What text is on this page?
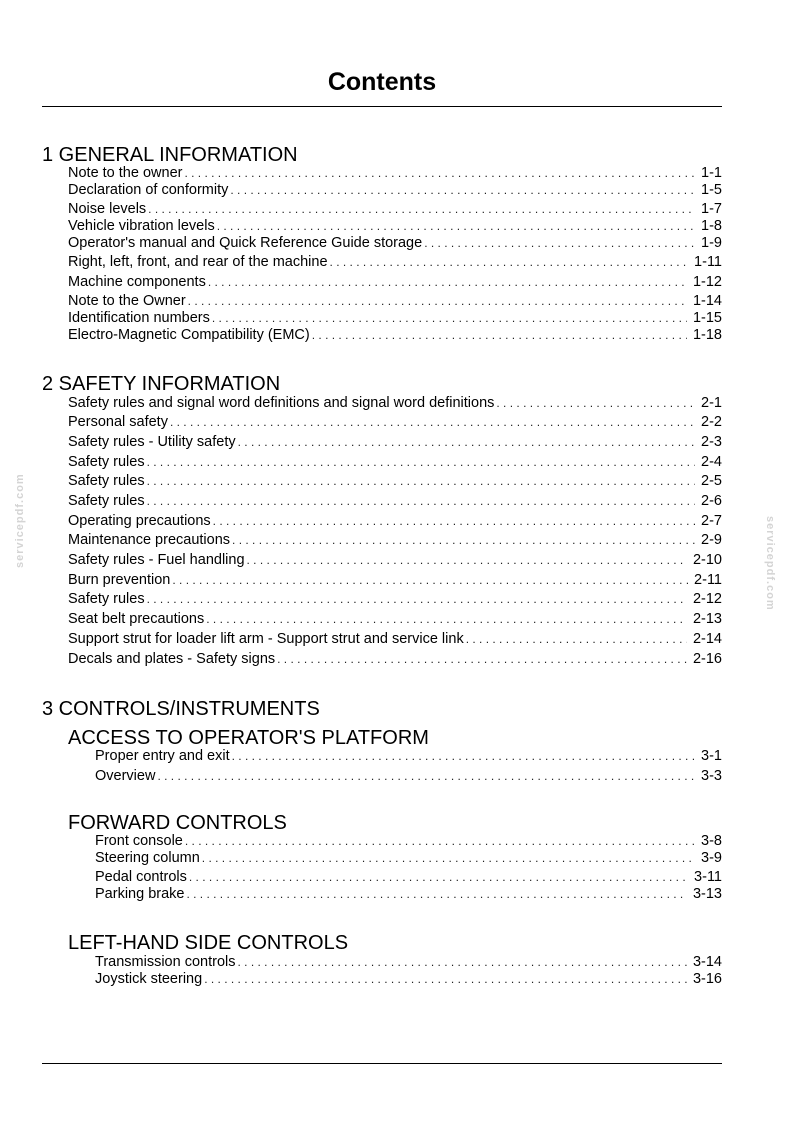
Contents
1 GENERAL INFORMATION
Note to the owner . . .	1-1
Declaration of conformity . . .	1-5
Noise levels . . .	1-7
Vehicle vibration levels . . .	1-8
Operator's manual and Quick Reference Guide storage . . .	1-9
Right, left, front, and rear of the machine . . .	1-11
Machine components . . .	1-12
Note to the Owner . . .	1-14
Identification numbers . . .	1-15
Electro-Magnetic Compatibility (EMC) . . .	1-18
2 SAFETY INFORMATION
Safety rules and signal word definitions and signal word definitions . . .	2-1
Personal safety . . .	2-2
Safety rules - Utility safety . . .	2-3
Safety rules . . .	2-4
Safety rules . . .	2-5
Safety rules . . .	2-6
Operating precautions . . .	2-7
Maintenance precautions . . .	2-9
Safety rules - Fuel handling . . .	2-10
Burn prevention . . .	2-11
Safety rules . . .	2-12
Seat belt precautions . . .	2-13
Support strut for loader lift arm - Support strut and service link . . .	2-14
Decals and plates - Safety signs . . .	2-16
3 CONTROLS/INSTRUMENTS
ACCESS TO OPERATOR'S PLATFORM
Proper entry and exit . . .	3-1
Overview . . .	3-3
FORWARD CONTROLS
Front console . . .	3-8
Steering column . . .	3-9
Pedal controls . . .	3-11
Parking brake . . .	3-13
LEFT-HAND SIDE CONTROLS
Transmission controls . . .	3-14
Joystick steering . . .	3-16
servicepdf.com	servicepdf.com
